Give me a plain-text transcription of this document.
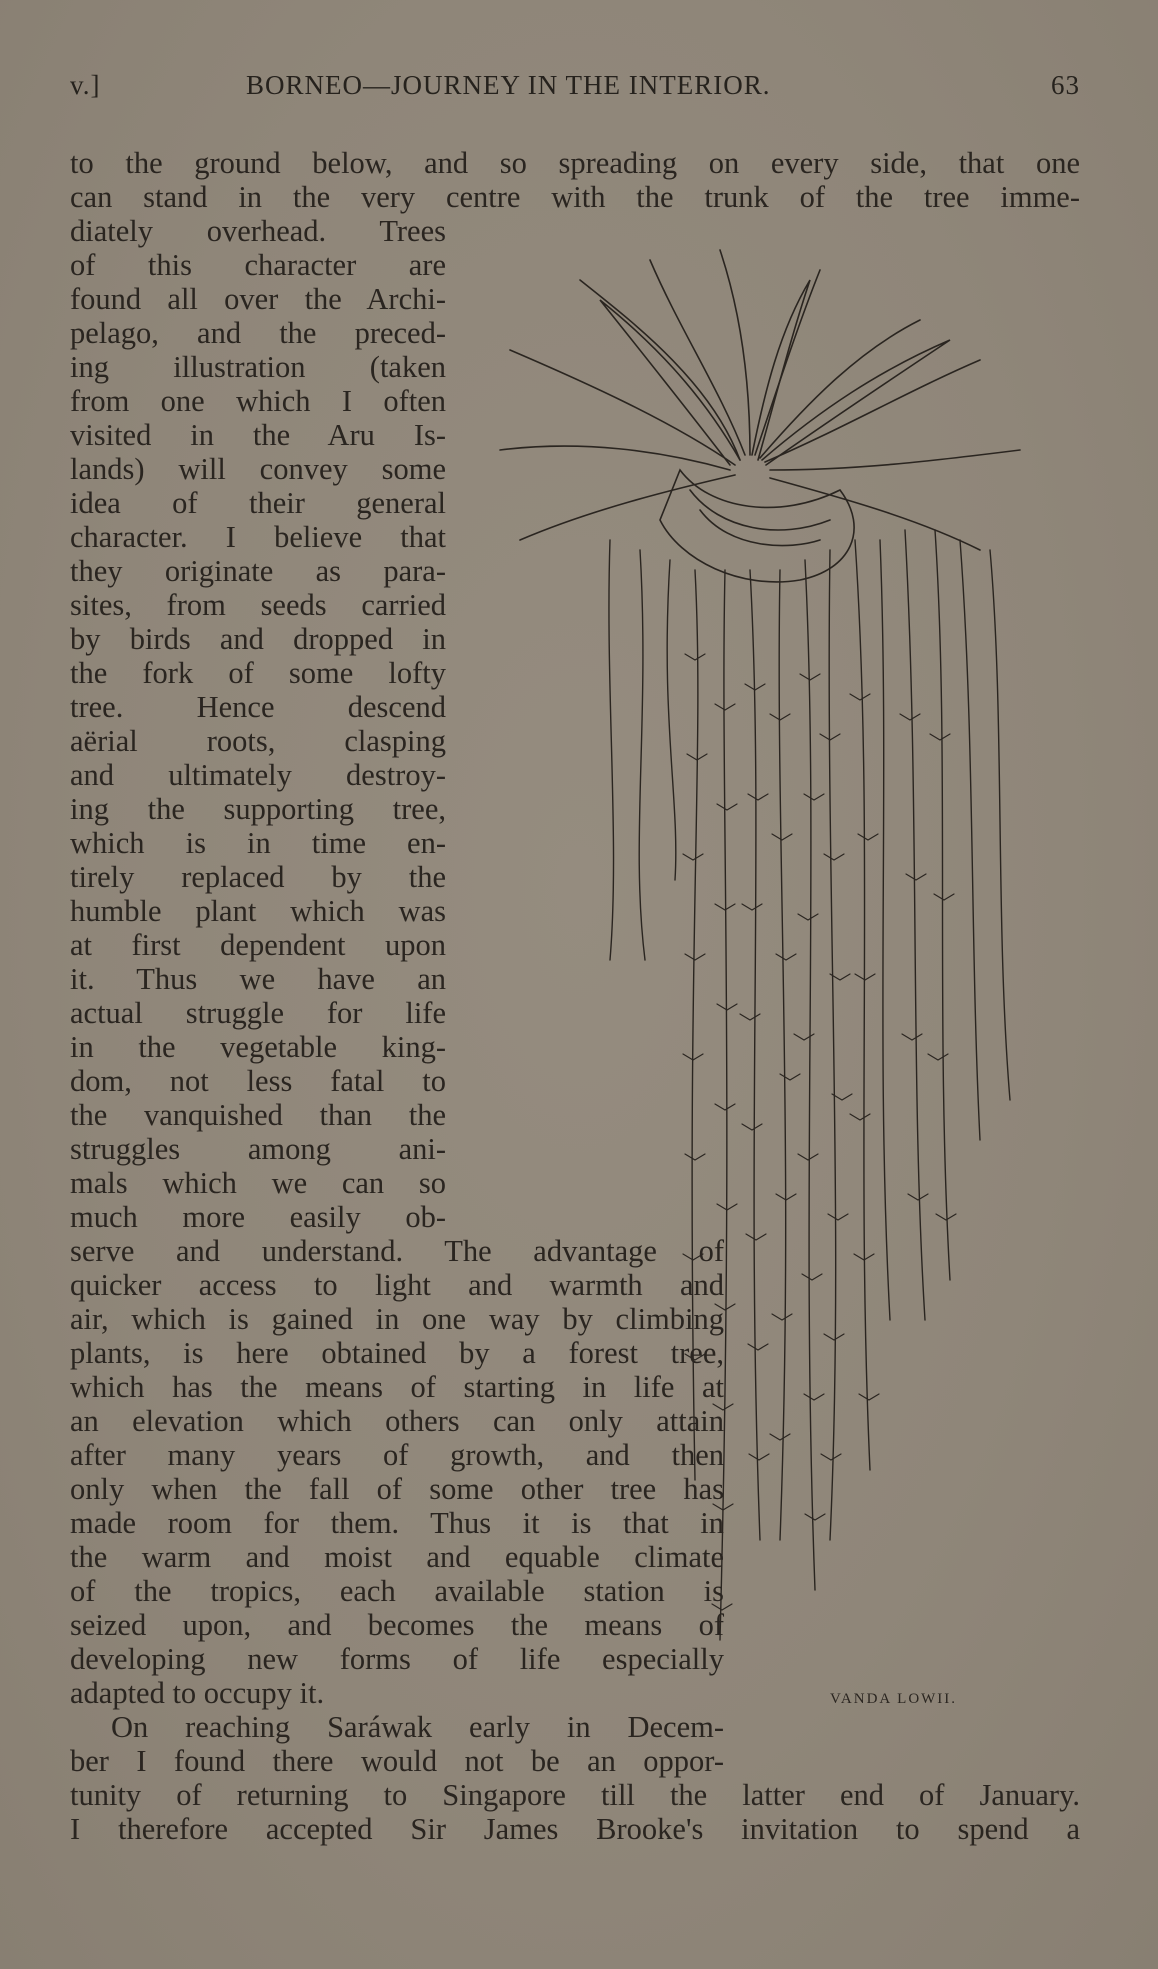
v.]	BORNEO—JOURNEY IN THE INTERIOR.	63
to the ground below, and so spreading on every side, that one
can stand in the very centre with the trunk of the tree imme-
diately overhead. Trees
of this character are
found all over the Archi-
pelago, and the preced-
ing illustration (taken
from one which I often
visited in the Aru Is-
lands) will convey some
idea of their general
character. I believe that
they originate as para-
sites, from seeds carried
by birds and dropped in
the fork of some lofty
tree. Hence descend
aërial roots, clasping
and ultimately destroy-
ing the supporting tree,
which is in time en-
tirely replaced by the
humble plant which was
at first dependent upon
it. Thus we have an
actual struggle for life
in the vegetable king-
dom, not less fatal to
the vanquished than the
struggles among ani-
mals which we can so
much more easily ob-
serve and understand. The advantage of
quicker access to light and warmth and
air, which is gained in one way by climbing
plants, is here obtained by a forest tree,
which has the means of starting in life at
an elevation which others can only attain
after many years of growth, and then
only when the fall of some other tree has
made room for them. Thus it is that in
the warm and moist and equable climate
of the tropics, each available station is
seized upon, and becomes the means of
developing new forms of life especially
adapted to occupy it.
On reaching Saráwak early in Decem-
ber I found there would not be an oppor-
tunity of returning to Singapore till the latter end of January.
I therefore accepted Sir James Brooke's invitation to spend a
VANDA LOWII.
